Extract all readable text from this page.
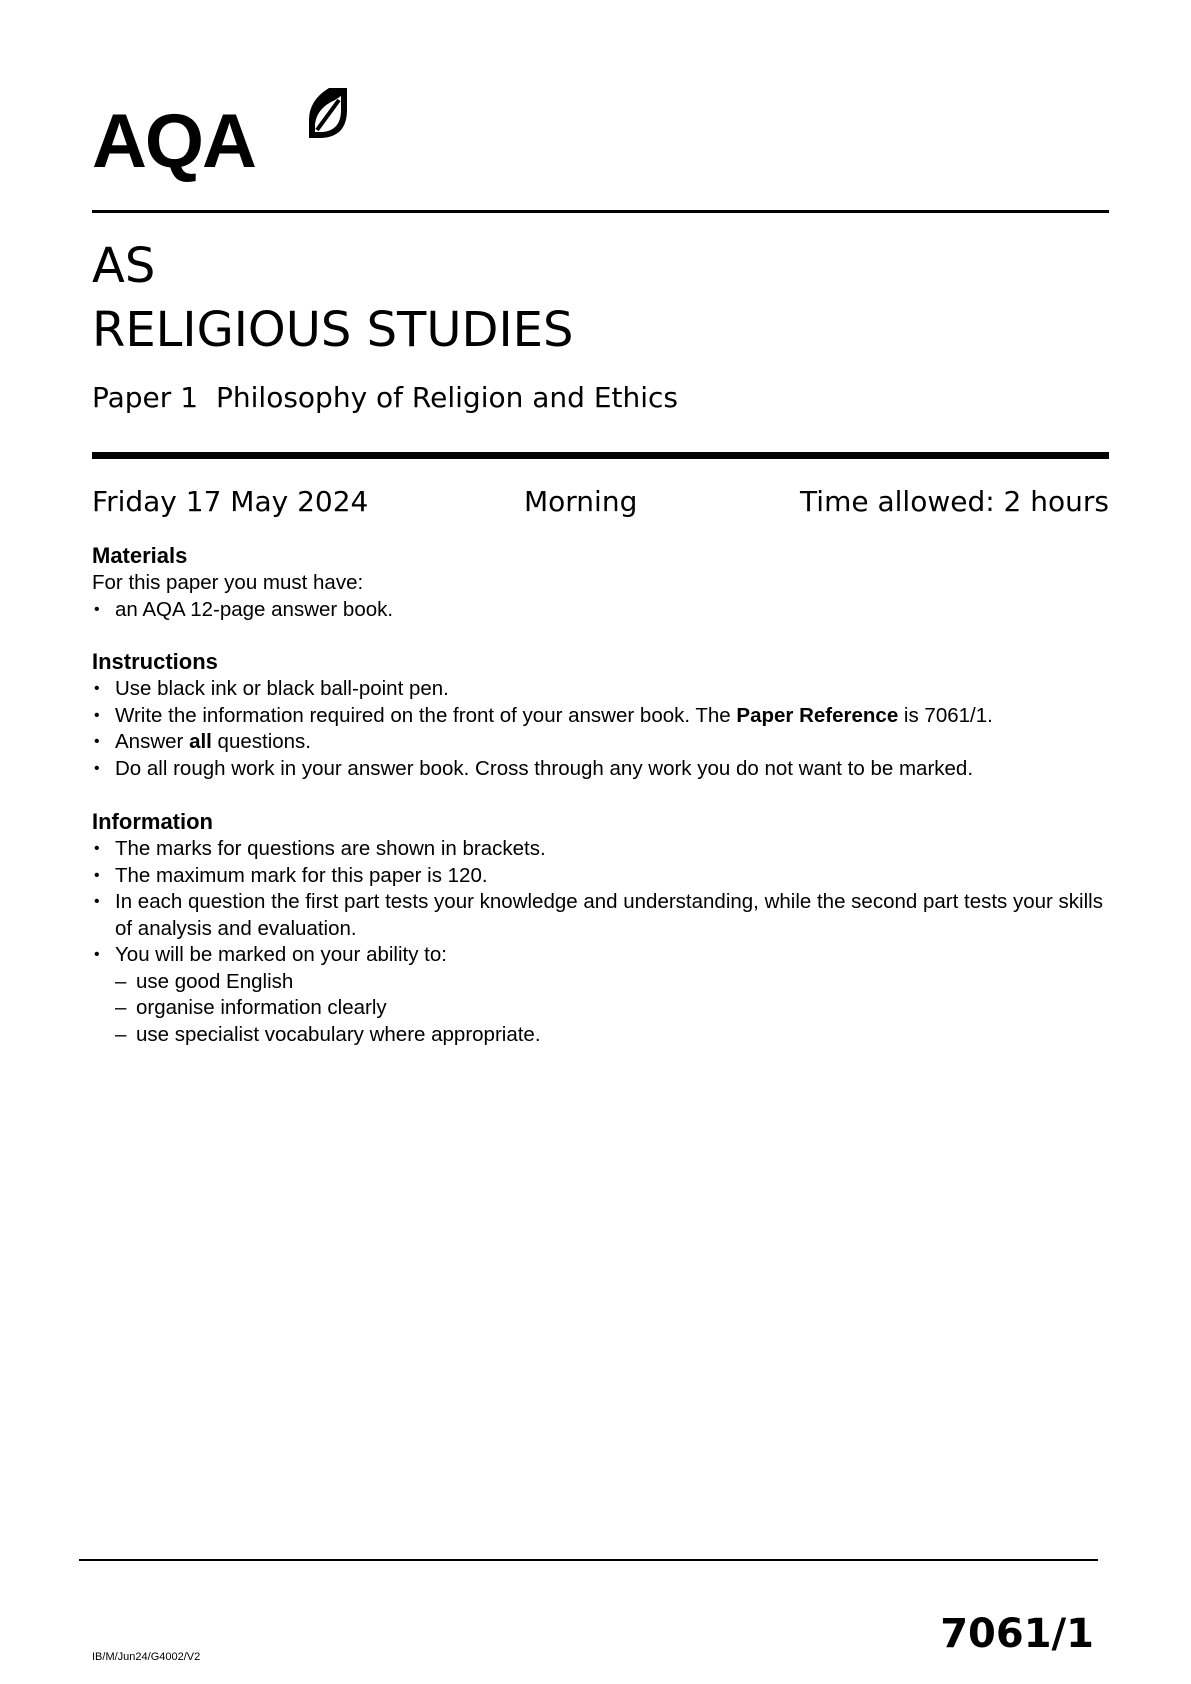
AQA
AS
RELIGIOUS STUDIES
Paper 1 Philosophy of Religion and Ethics
Friday 17 May 2024	Morning	Time allowed: 2 hours
Materials

For this paper you must have:

• an AQA 12-page answer book.
Instructions
• Use black ink or black ball-point pen.
• Write the information required on the front of your answer book. The Paper Reference is 7061/1.
• Answer all questions.
• Do all rough work in your answer book. Cross through any work you do not want to be marked.
Information
• The marks for questions are shown in brackets.
• The maximum mark for this paper is 120.
• In each question the first part tests your knowledge and understanding, while the second part tests your skills of analysis and evaluation.
• You will be marked on your ability to:
– use good English
– organise information clearly
– use specialist vocabulary where appropriate.
IB/M/Jun24/G4002/V2	7061/1
